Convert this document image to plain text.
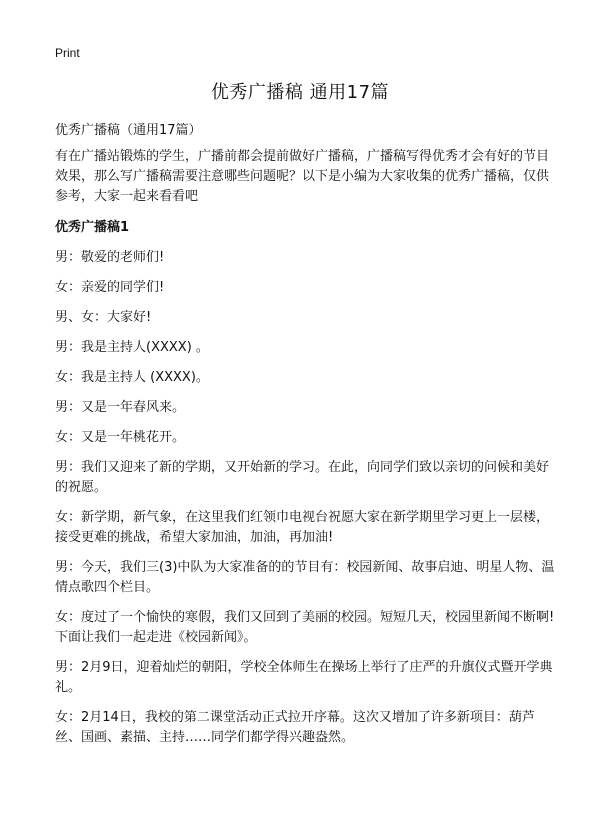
Print
优秀广播稿 通用17篇

优秀广播稿（通用17篇）

有在广播站锻炼的学生，广播前都会提前做好广播稿，广播稿写得优秀才会有好的节目效果，那么写广播稿需要注意哪些问题呢？以下是小编为大家收集的优秀广播稿，仅供参考，大家一起来看看吧

优秀广播稿1

男：敬爱的老师们!

女：亲爱的同学们!

男、女：大家好!

男：我是主持人(XXXX) 。

女：我是主持人 (XXXX)。

男：又是一年春风来。

女：又是一年桃花开。

男：我们又迎来了新的学期，又开始新的学习。在此，向同学们致以亲切的问候和美好的祝愿。

女：新学期，新气象，在这里我们红领巾电视台祝愿大家在新学期里学习更上一层楼，接受更难的挑战，希望大家加油，加油，再加油!

男：今天，我们三(3)中队为大家准备的的节目有：校园新闻、故事启迪、明星人物、温情点歌四个栏目。

女：度过了一个愉快的寒假，我们又回到了美丽的校园。短短几天，校园里新闻不断啊!下面让我们一起走进《校园新闻》。

男：2月9日，迎着灿烂的朝阳，学校全体师生在操场上举行了庄严的升旗仪式暨开学典礼。

女：2月14日，我校的第二课堂活动正式拉开序幕。这次又增加了许多新项目：葫芦丝、国画、素描、主持……同学们都学得兴趣盎然。
